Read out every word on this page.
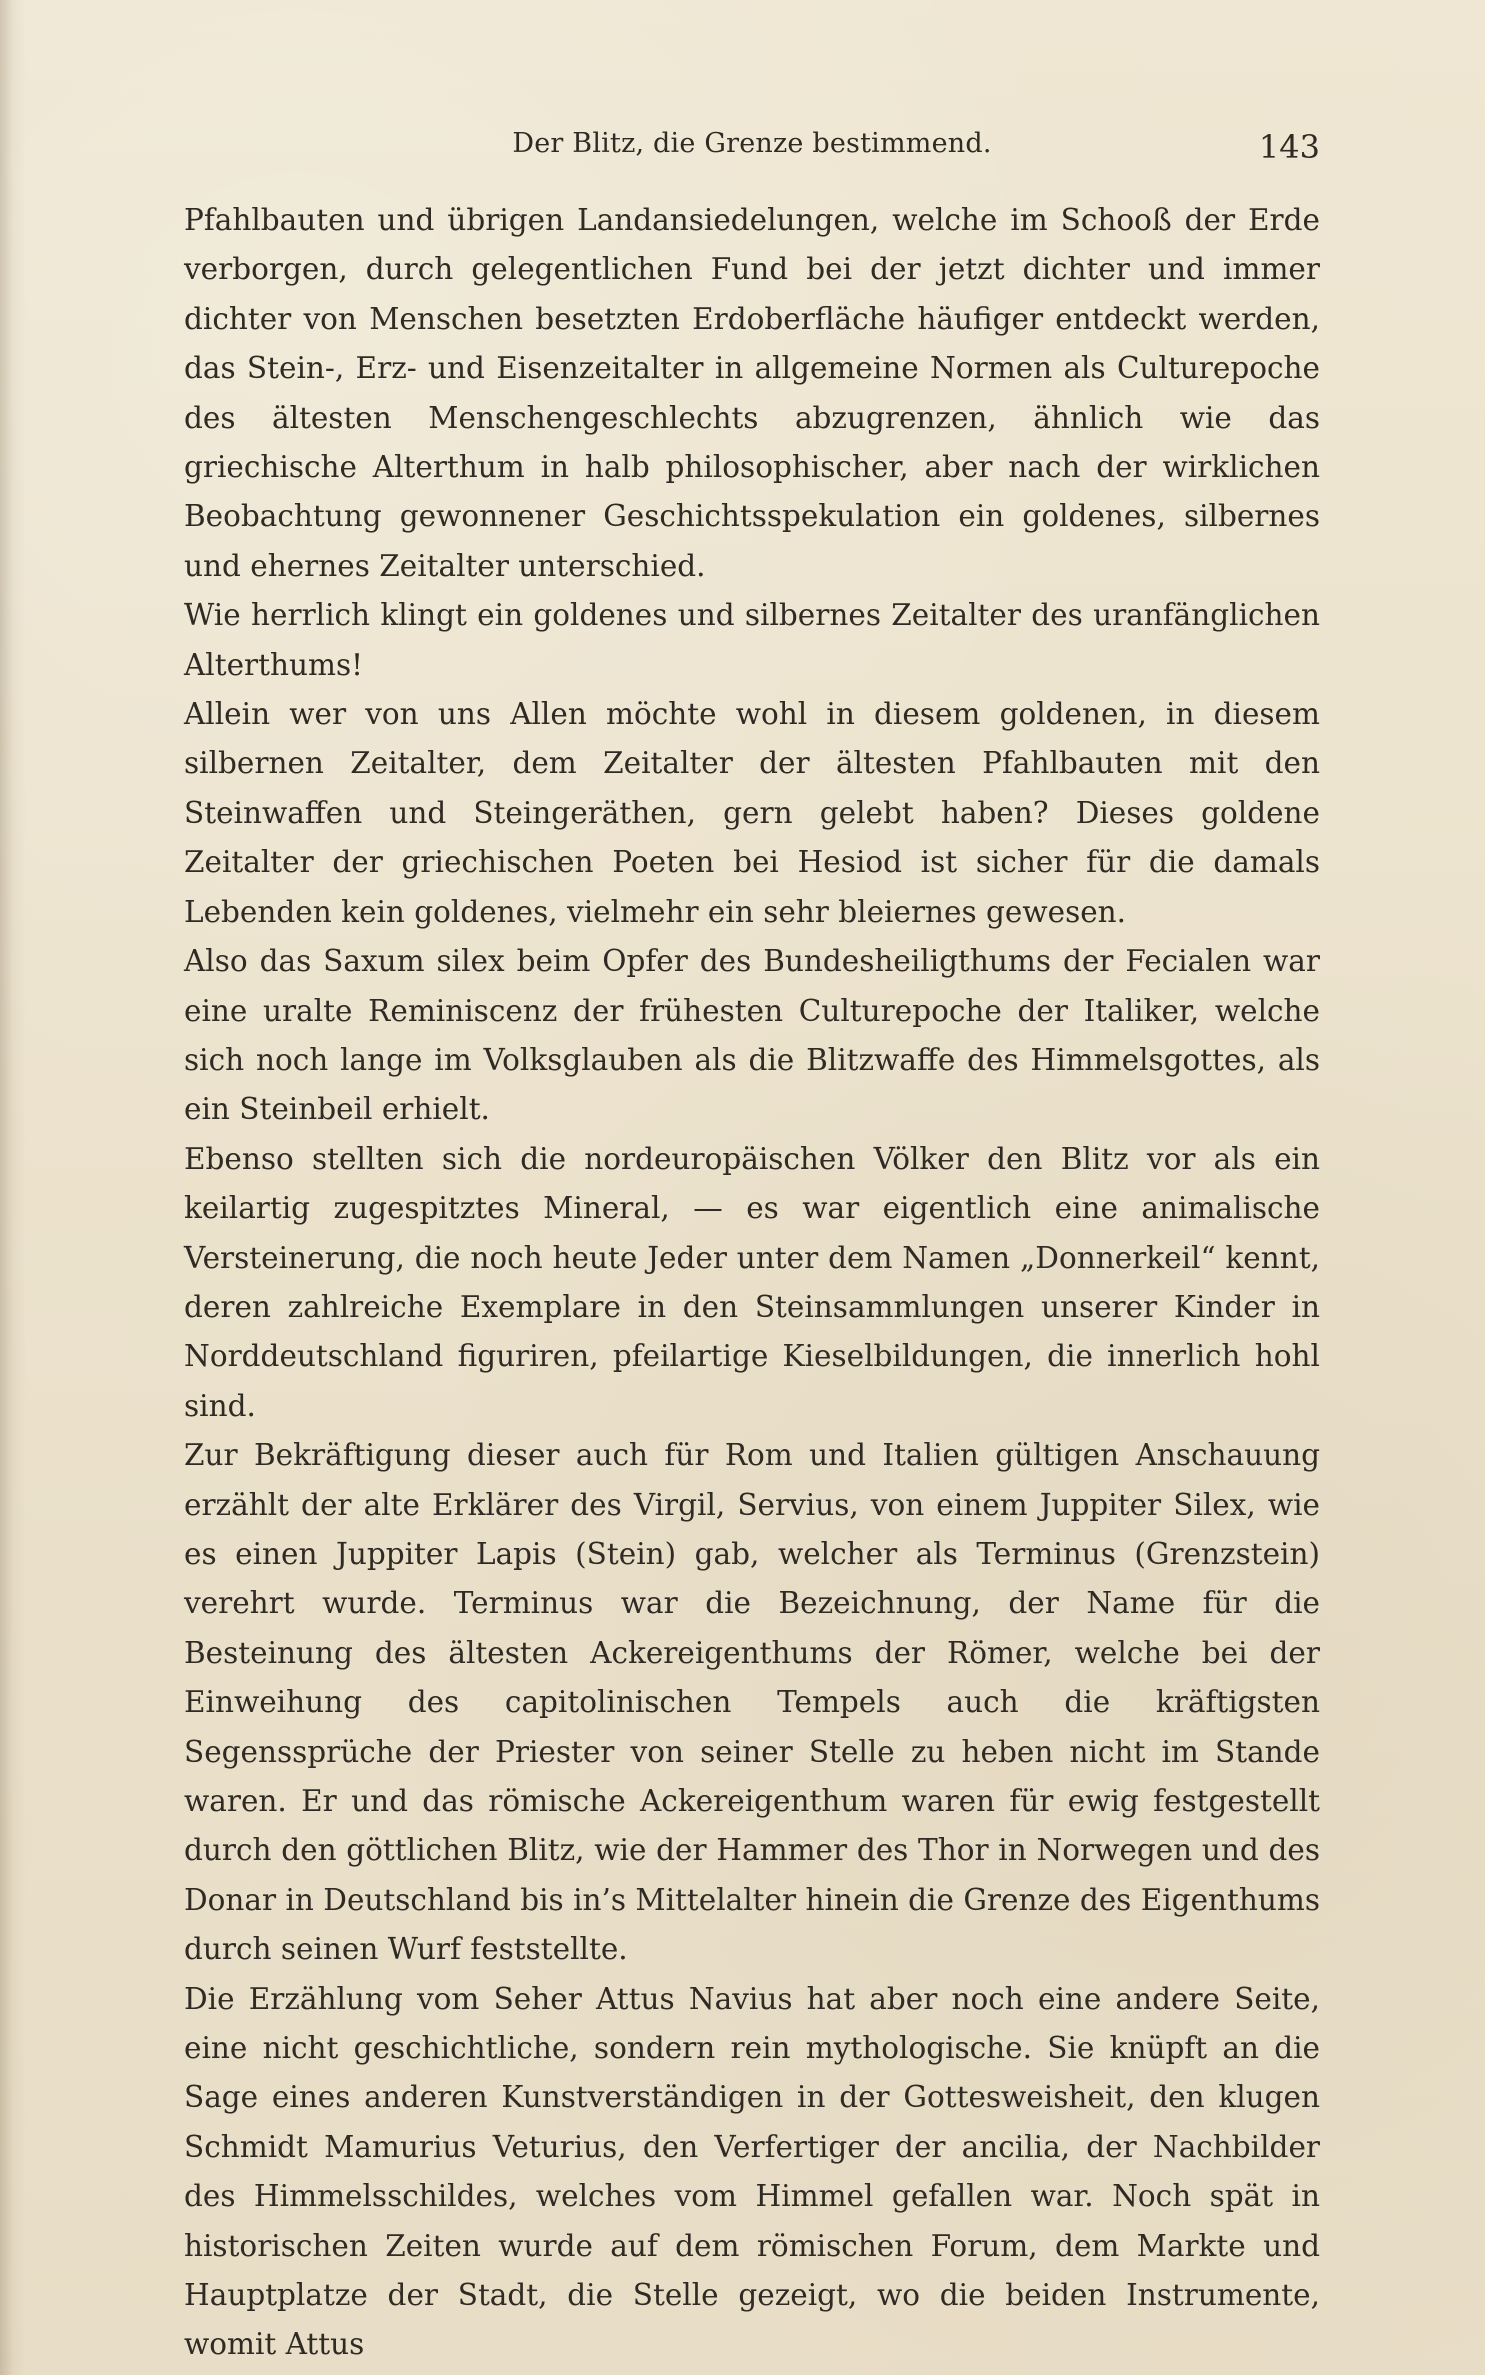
Der Blitz, die Grenze bestimmend.	143

Pfahlbauten und übrigen Landansiedelungen, welche im Schooß der Erde verborgen, durch gelegentlichen Fund bei der jetzt dichter und immer dichter von Menschen besetzten Erdoberfläche häufiger entdeckt werden, das Stein-, Erz- und Eisenzeitalter in allgemeine Normen als Culturepoche des ältesten Menschengeschlechts abzugrenzen, ähnlich wie das griechische Alterthum in halb philosophischer, aber nach der wirklichen Beobachtung gewonnener Geschichtsspekulation ein goldenes, silbernes und ehernes Zeitalter unterschied.

Wie herrlich klingt ein goldenes und silbernes Zeitalter des uranfänglichen Alterthums!

Allein wer von uns Allen möchte wohl in diesem goldenen, in diesem silbernen Zeitalter, dem Zeitalter der ältesten Pfahlbauten mit den Steinwaffen und Steingeräthen, gern gelebt haben? Dieses goldene Zeitalter der griechischen Poeten bei Hesiod ist sicher für die damals Lebenden kein goldenes, vielmehr ein sehr bleiernes gewesen.

Also das Saxum silex beim Opfer des Bundesheiligthums der Fecialen war eine uralte Reminiscenz der frühesten Culturepoche der Italiker, welche sich noch lange im Volksglauben als die Blitzwaffe des Himmelsgottes, als ein Steinbeil erhielt.

Ebenso stellten sich die nordeuropäischen Völker den Blitz vor als ein keilartig zugespitztes Mineral, — es war eigentlich eine animalische Versteinerung, die noch heute Jeder unter dem Namen „Donnerkeil“ kennt, deren zahlreiche Exemplare in den Steinsammlungen unserer Kinder in Norddeutschland figuriren, pfeilartige Kieselbildungen, die innerlich hohl sind.

Zur Bekräftigung dieser auch für Rom und Italien gültigen Anschauung erzählt der alte Erklärer des Virgil, Servius, von einem Juppiter Silex, wie es einen Juppiter Lapis (Stein) gab, welcher als Terminus (Grenzstein) verehrt wurde. Terminus war die Bezeichnung, der Name für die Besteinung des ältesten Ackereigenthums der Römer, welche bei der Einweihung des capitolinischen Tempels auch die kräftigsten Segenssprüche der Priester von seiner Stelle zu heben nicht im Stande waren. Er und das römische Ackereigenthum waren für ewig festgestellt durch den göttlichen Blitz, wie der Hammer des Thor in Norwegen und des Donar in Deutschland bis in’s Mittelalter hinein die Grenze des Eigenthums durch seinen Wurf feststellte.

Die Erzählung vom Seher Attus Navius hat aber noch eine andere Seite, eine nicht geschichtliche, sondern rein mythologische. Sie knüpft an die Sage eines anderen Kunstverständigen in der Gottesweisheit, den klugen Schmidt Mamurius Veturius, den Verfertiger der ancilia, der Nachbilder des Himmelsschildes, welches vom Himmel gefallen war. Noch spät in historischen Zeiten wurde auf dem römischen Forum, dem Markte und Hauptplatze der Stadt, die Stelle gezeigt, wo die beiden Instrumente, womit Attus
